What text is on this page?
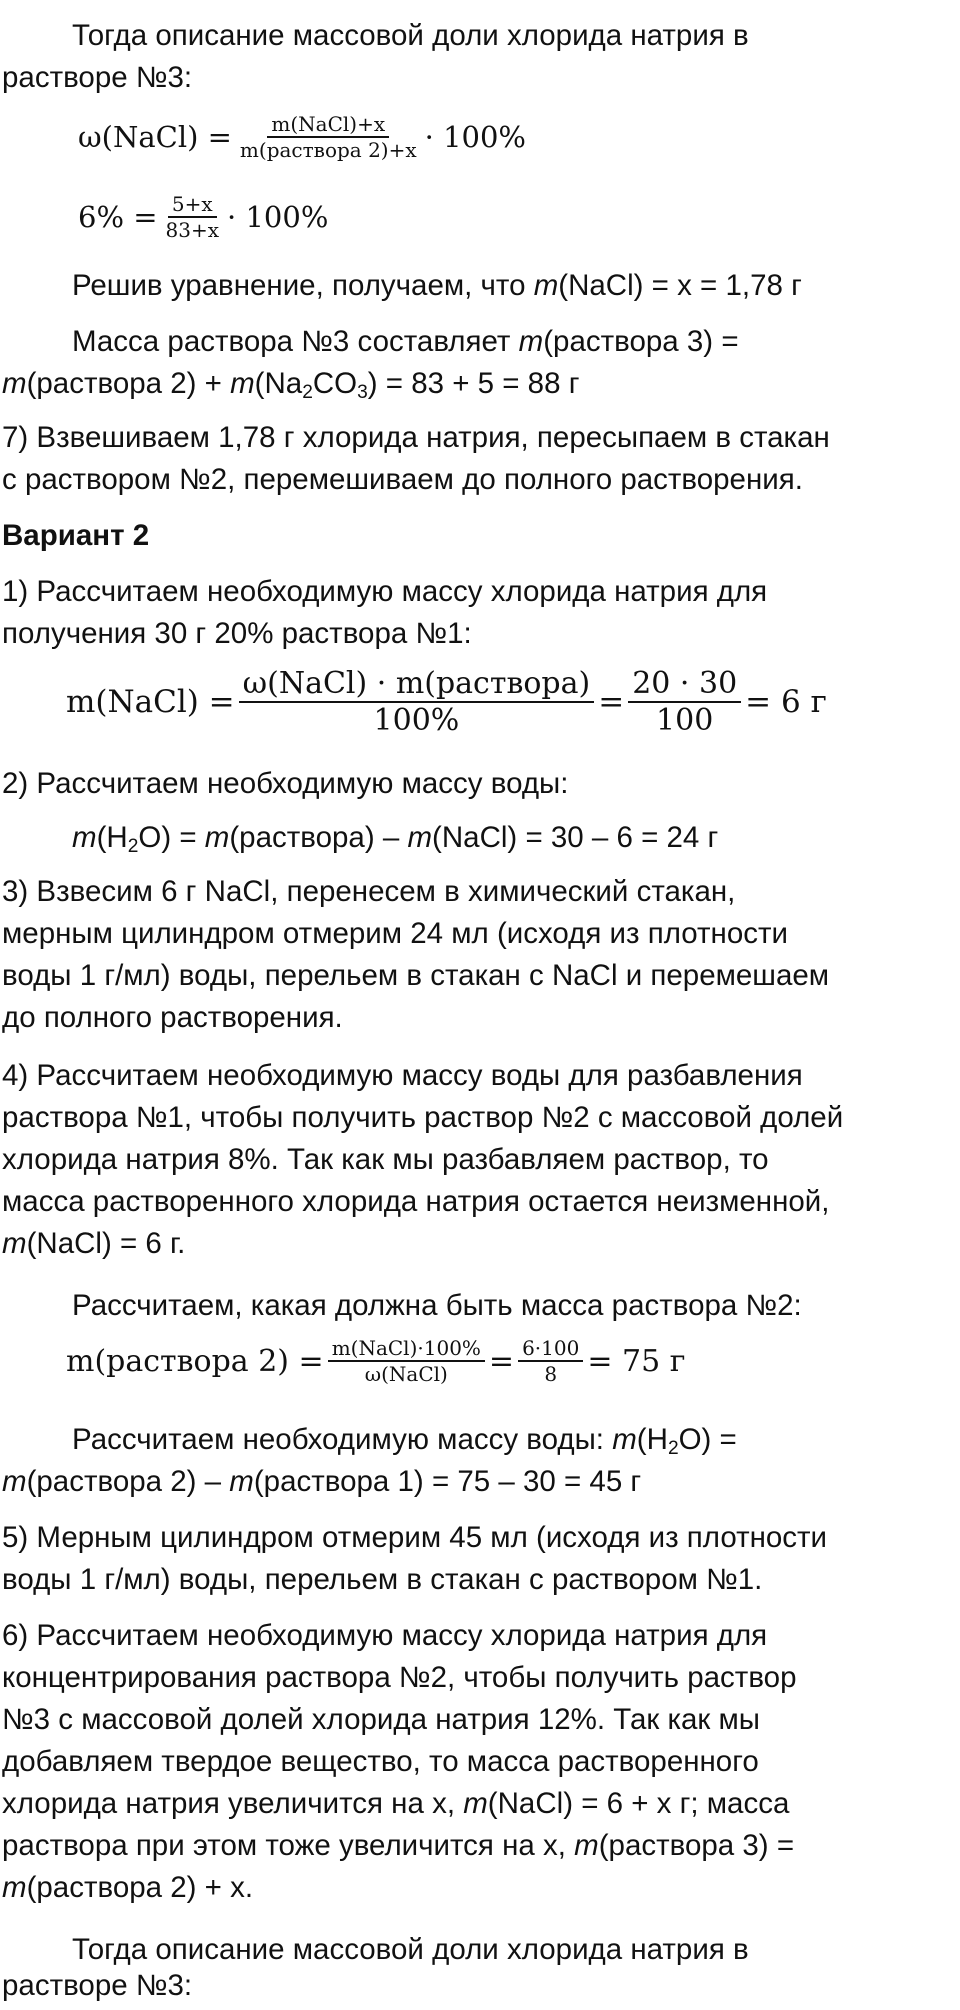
Тогда описание массовой доли хлорида натрия в
растворе №3:
ω(NaCl) = $\frac{\text{m(NaCl)+x}}{\text{m(раствора 2)+x}} \cdot 100\%$
$6\% = \frac{5+x}{83+x} \cdot 100\%$
Решив уравнение, получаем, что m(NaCl) = x = 1,78 г
Масса раствора №3 составляет m(раствора 3) =
m(раствора $2) + m(Na_2CO_3) = 83 + 5 = 88$ г
7) Взвешиваем 1,78 г хлорида натрия, пересыпаем в стакан
с раствором №2, перемешиваем до полного растворения.
Вариант 2
1) Рассчитаем необходимую массу хлорида натрия для
получения 30 г 20% раствора №1:
m(NaCl) = $\frac{\text{ω(NaCl) · m(раствора)}}{100\%} = \frac{20 \cdot 30}{100} = 6$ г
2) Рассчитаем необходимую массу воды:
$m(H_2O)$ = m(раствора) – m(NaCl) = 30 – 6 = 24 г
3) Взвесим 6 г NaCl, перенесем в химический стакан,
мерным цилиндром отмерим 24 мл (исходя из плотности
воды 1 г/мл) воды, перельем в стакан с NaCl и перемешаем
до полного растворения.
4) Рассчитаем необходимую массу воды для разбавления
раствора №1, чтобы получить раствор №2 с массовой долей
хлорида натрия 8%. Так как мы разбавляем раствор, то
масса растворенного хлорида натрия остается неизменной,
m(NaCl) = 6 г.
Рассчитаем, какая должна быть масса раствора №2:
m(раствора $2) = \frac{\text{m(NaCl)·100\%}}{\text{ω(NaCl)}} = \frac{6\cdot 100}{8} = 75$ г
Рассчитаем необходимую массу воды: $m(H_2O)$ =
m(раствора 2) – m(раствора 1) = 75 – 30 = 45 г
5) Мерным цилиндром отмерим 45 мл (исходя из плотности
воды 1 г/мл) воды, перельем в стакан с раствором №1.
6) Рассчитаем необходимую массу хлорида натрия для
концентрирования раствора №2, чтобы получить раствор
№3 с массовой долей хлорида натрия 12%. Так как мы
добавляем твердое вещество, то масса растворенного
хлорида натрия увеличится на x, m(NaCl) = 6 + x г; масса
раствора при этом тоже увеличится на x, m(раствора 3) =
m(раствора 2) + x.
Тогда описание массовой доли хлорида натрия в
растворе №3:
